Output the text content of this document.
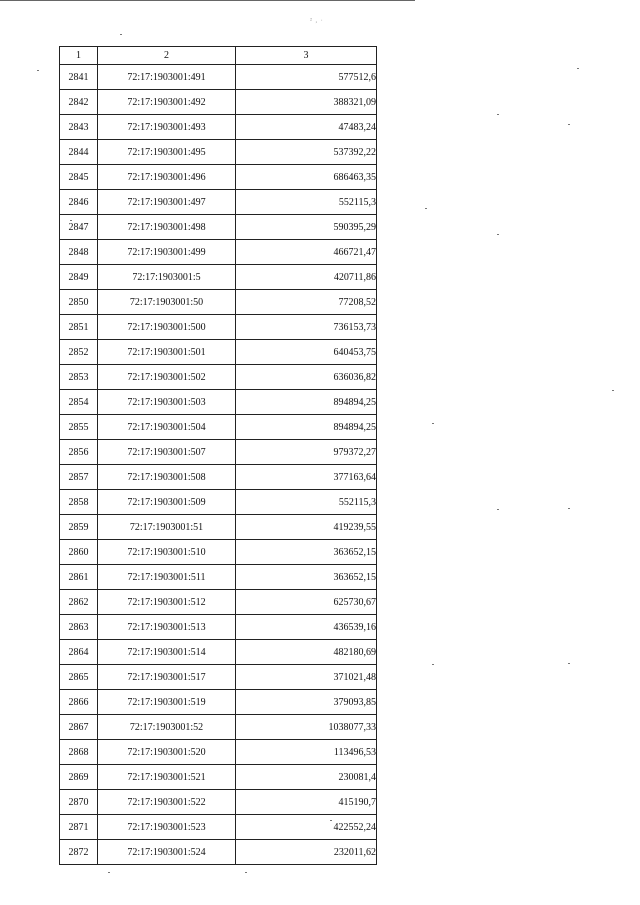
² ‚ ·
1	2	3
2841	72:17:1903001:491	577512,6
2842	72:17:1903001:492	388321,09
2843	72:17:1903001:493	47483,24
2844	72:17:1903001:495	537392,22
2845	72:17:1903001:496	686463,35
2846	72:17:1903001:497	552115,3
2847	72:17:1903001:498	590395,29
2848	72:17:1903001:499	466721,47
2849	72:17:1903001:5	420711,86
2850	72:17:1903001:50	77208,52
2851	72:17:1903001:500	736153,73
2852	72:17:1903001:501	640453,75
2853	72:17:1903001:502	636036,82
2854	72:17:1903001:503	894894,25
2855	72:17:1903001:504	894894,25
2856	72:17:1903001:507	979372,27
2857	72:17:1903001:508	377163,64
2858	72:17:1903001:509	552115,3
2859	72:17:1903001:51	419239,55
2860	72:17:1903001:510	363652,15
2861	72:17:1903001:511	363652,15
2862	72:17:1903001:512	625730,67
2863	72:17:1903001:513	436539,16
2864	72:17:1903001:514	482180,69
2865	72:17:1903001:517	371021,48
2866	72:17:1903001:519	379093,85
2867	72:17:1903001:52	1038077,33
2868	72:17:1903001:520	113496,53
2869	72:17:1903001:521	230081,4
2870	72:17:1903001:522	415190,7
2871	72:17:1903001:523	422552,24
2872	72:17:1903001:524	232011,62
